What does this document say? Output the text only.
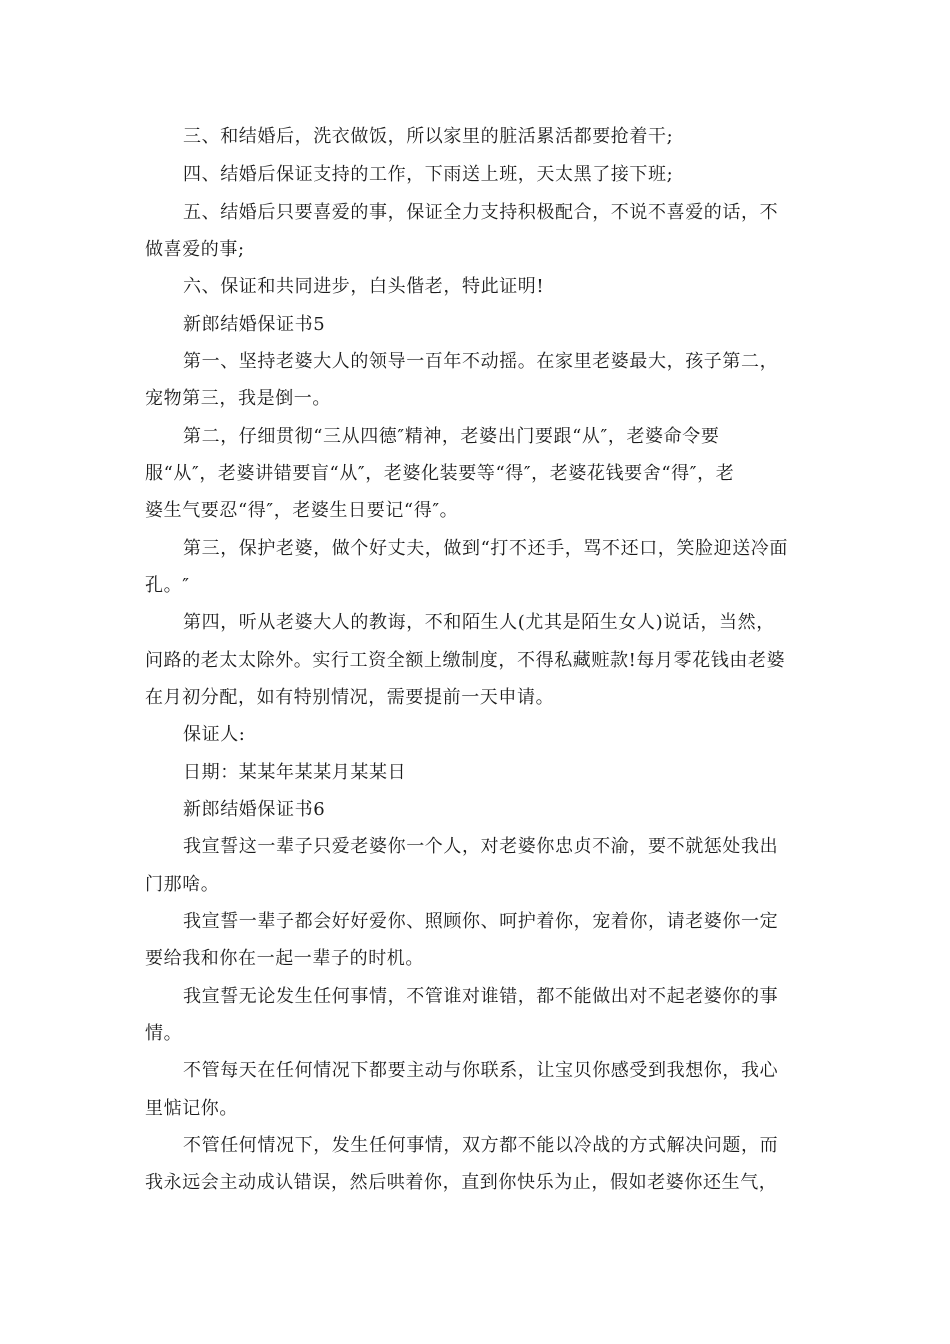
三、和结婚后，洗衣做饭，所以家里的脏活累活都要抢着干;
四、结婚后保证支持的工作，下雨送上班，天太黑了接下班;
五、结婚后只要喜爱的事，保证全力支持积极配合，不说不喜爱的话，不
做喜爱的事;
六、保证和共同进步，白头偕老，特此证明!
新郎结婚保证书5
第一、坚持老婆大人的领导一百年不动摇。在家里老婆最大，孩子第二，
宠物第三，我是倒一。
第二，仔细贯彻“三从四德″精神，老婆出门要跟“从″，老婆命令要
服“从″，老婆讲错要盲“从″，老婆化装要等“得″，老婆花钱要舍“得″，老
婆生气要忍“得″，老婆生日要记“得″。
第三，保护老婆，做个好丈夫，做到“打不还手，骂不还口，笑脸迎送冷面
孔。″
第四，听从老婆大人的教诲，不和陌生人(尤其是陌生女人)说话，当然，
问路的老太太除外。实行工资全额上缴制度，不得私藏赃款!每月零花钱由老婆
在月初分配，如有特别情况，需要提前一天申请。
保证人:
日期：某某年某某月某某日
新郎结婚保证书6
我宣誓这一辈子只爱老婆你一个人，对老婆你忠贞不渝，要不就惩处我出
门那啥。
我宣誓一辈子都会好好爱你、照顾你、呵护着你，宠着你，请老婆你一定
要给我和你在一起一辈子的时机。
我宣誓无论发生任何事情，不管谁对谁错，都不能做出对不起老婆你的事
情。
不管每天在任何情况下都要主动与你联系，让宝贝你感受到我想你，我心
里惦记你。
不管任何情况下，发生任何事情，双方都不能以冷战的方式解决问题，而
我永远会主动成认错误，然后哄着你，直到你快乐为止，假如老婆你还生气，
